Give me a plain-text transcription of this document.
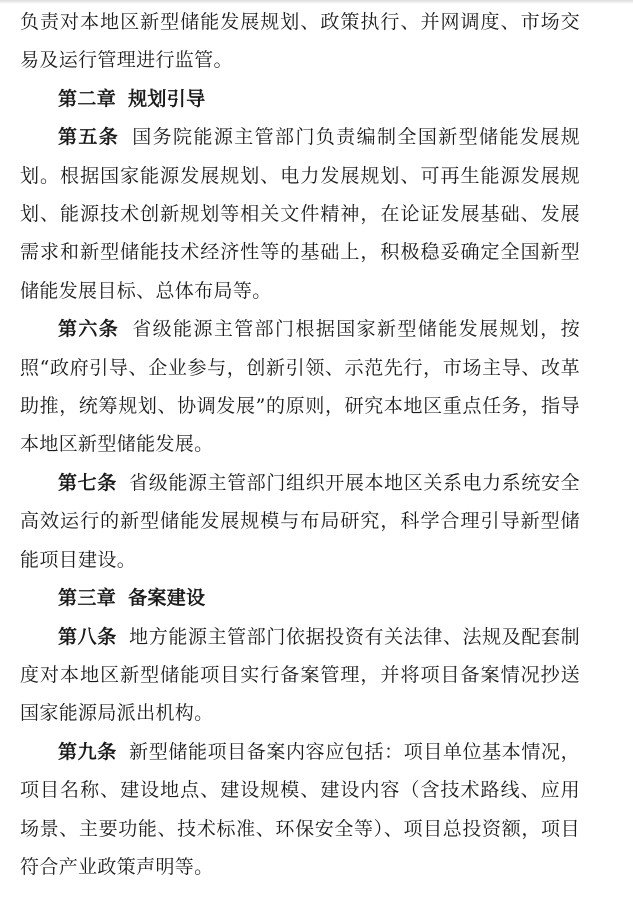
负责对本地区新型储能发展规划、政策执行、并网调度、市场交易及运行管理进行监管。

第二章 规划引导

第五条 国务院能源主管部门负责编制全国新型储能发展规划。根据国家能源发展规划、电力发展规划、可再生能源发展规划、能源技术创新规划等相关文件精神，在论证发展基础、发展需求和新型储能技术经济性等的基础上，积极稳妥确定全国新型储能发展目标、总体布局等。

第六条 省级能源主管部门根据国家新型储能发展规划，按照“政府引导、企业参与，创新引领、示范先行，市场主导、改革助推，统筹规划、协调发展”的原则，研究本地区重点任务，指导本地区新型储能发展。

第七条 省级能源主管部门组织开展本地区关系电力系统安全高效运行的新型储能发展规模与布局研究，科学合理引导新型储能项目建设。

第三章 备案建设

第八条 地方能源主管部门依据投资有关法律、法规及配套制度对本地区新型储能项目实行备案管理，并将项目备案情况抄送国家能源局派出机构。

第九条 新型储能项目备案内容应包括：项目单位基本情况，项目名称、建设地点、建设规模、建设内容（含技术路线、应用场景、主要功能、技术标准、环保安全等）、项目总投资额，项目符合产业政策声明等。
